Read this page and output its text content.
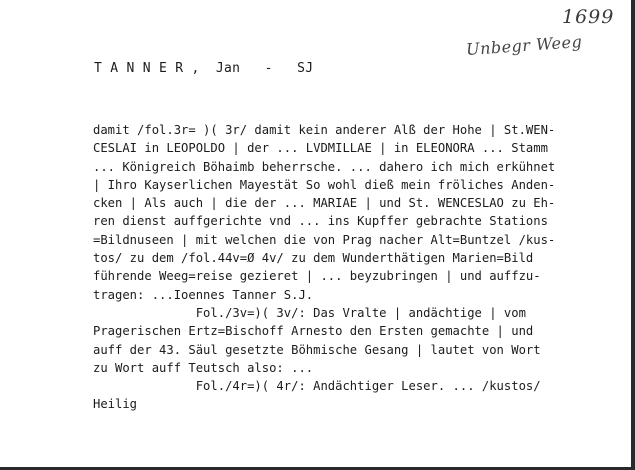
1699
Unbegr Weeg
T A N N E R ,  Jan   -   SJ
damit /fol.3r= )( 3r/ damit kein anderer Alß der Hohe | St.WEN-
CESLAI in LEOPOLDO | der ... LVDMILLAE | in ELEONORA ... Stamm
... Königreich Böhaimb beherrsche. ... dahero ich mich erkühnet
| Ihro Kayserlichen Mayestät So wohl dieß mein fröliches Anden-
cken | Als auch | die der ... MARIAE | und St. WENCESLAO zu Eh-
ren dienst auffgerichte vnd ... ins Kupffer gebrachte Stations
=Bildnuseen | mit welchen die von Prag nacher Alt=Buntzel /kus-
tos/ zu dem /fol.44v=Ø 4v/ zu dem Wunderthätigen Marien=Bild
führende Weeg=reise gezieret | ... beyzubringen | und auffzu-
tragen: ...Ioennes Tanner S.J.
Fol./3v=)( 3v/: Das Vralte | andächtige | vom
Pragerischen Ertz=Bischoff Arnesto den Ersten gemachte | und
auff der 43. Säul gesetzte Böhmische Gesang | lautet von Wort
zu Wort auff Teutsch also: ...
Fol./4r=)( 4r/: Andächtiger Leser. ... /kustos/
Heilig
